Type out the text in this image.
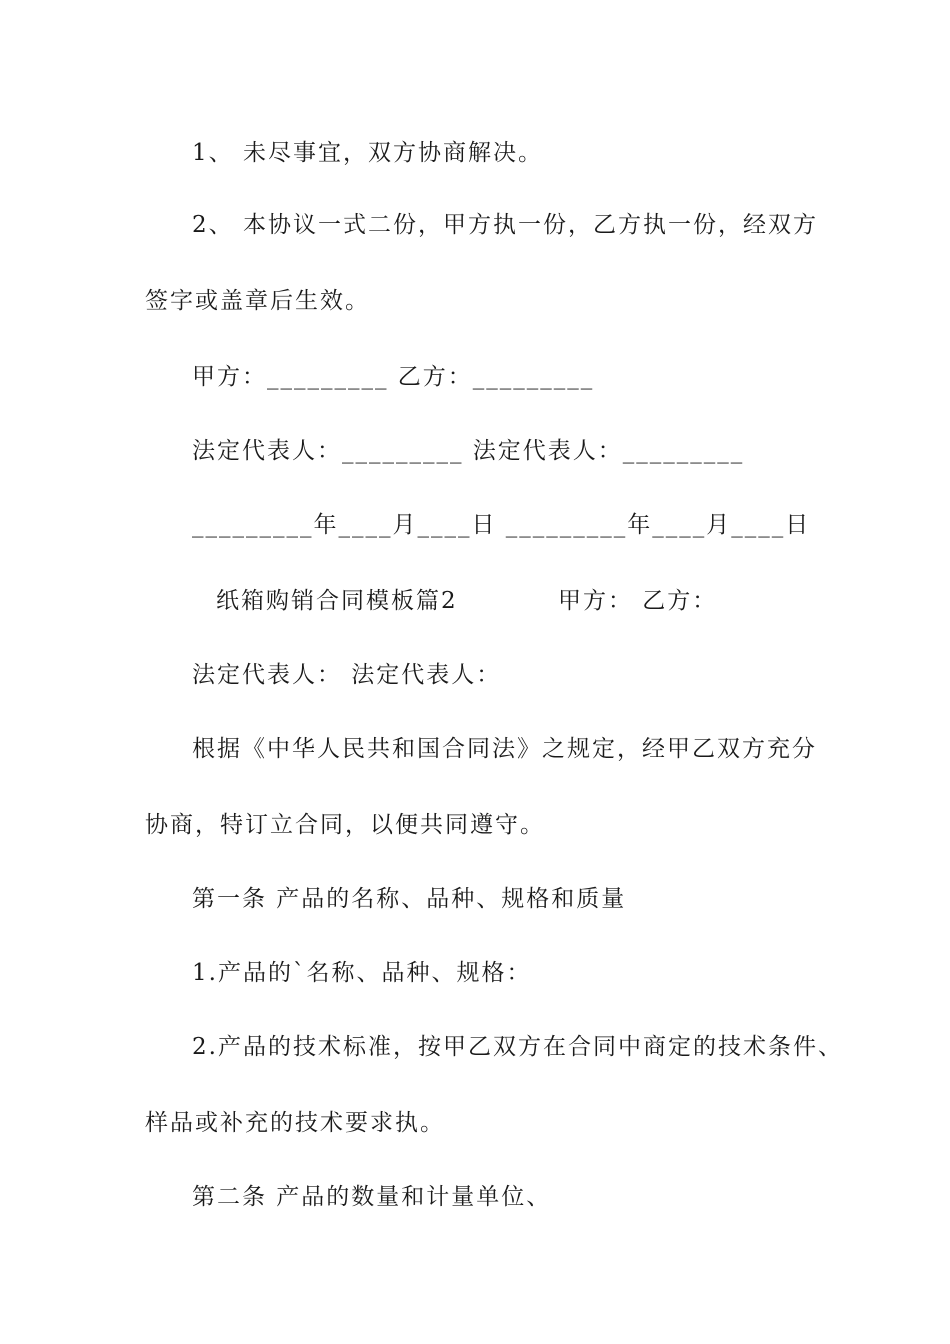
1、 未尽事宜，双方协商解决。
2、 本协议一式二份，甲方执一份，乙方执一份，经双方
签字或盖章后生效。
甲方：_________ 乙方：_________
法定代表人：_________ 法定代表人：_________
_________年____月____日 _________年____月____日
纸箱购销合同模板篇2	甲方： 乙方：
法定代表人： 法定代表人：
根据《中华人民共和国合同法》之规定，经甲乙双方充分
协商，特订立合同，以便共同遵守。
第一条 产品的名称、品种、规格和质量
1.产品的`名称、品种、规格：
2.产品的技术标准，按甲乙双方在合同中商定的技术条件、
样品或补充的技术要求执。
第二条 产品的数量和计量单位、
